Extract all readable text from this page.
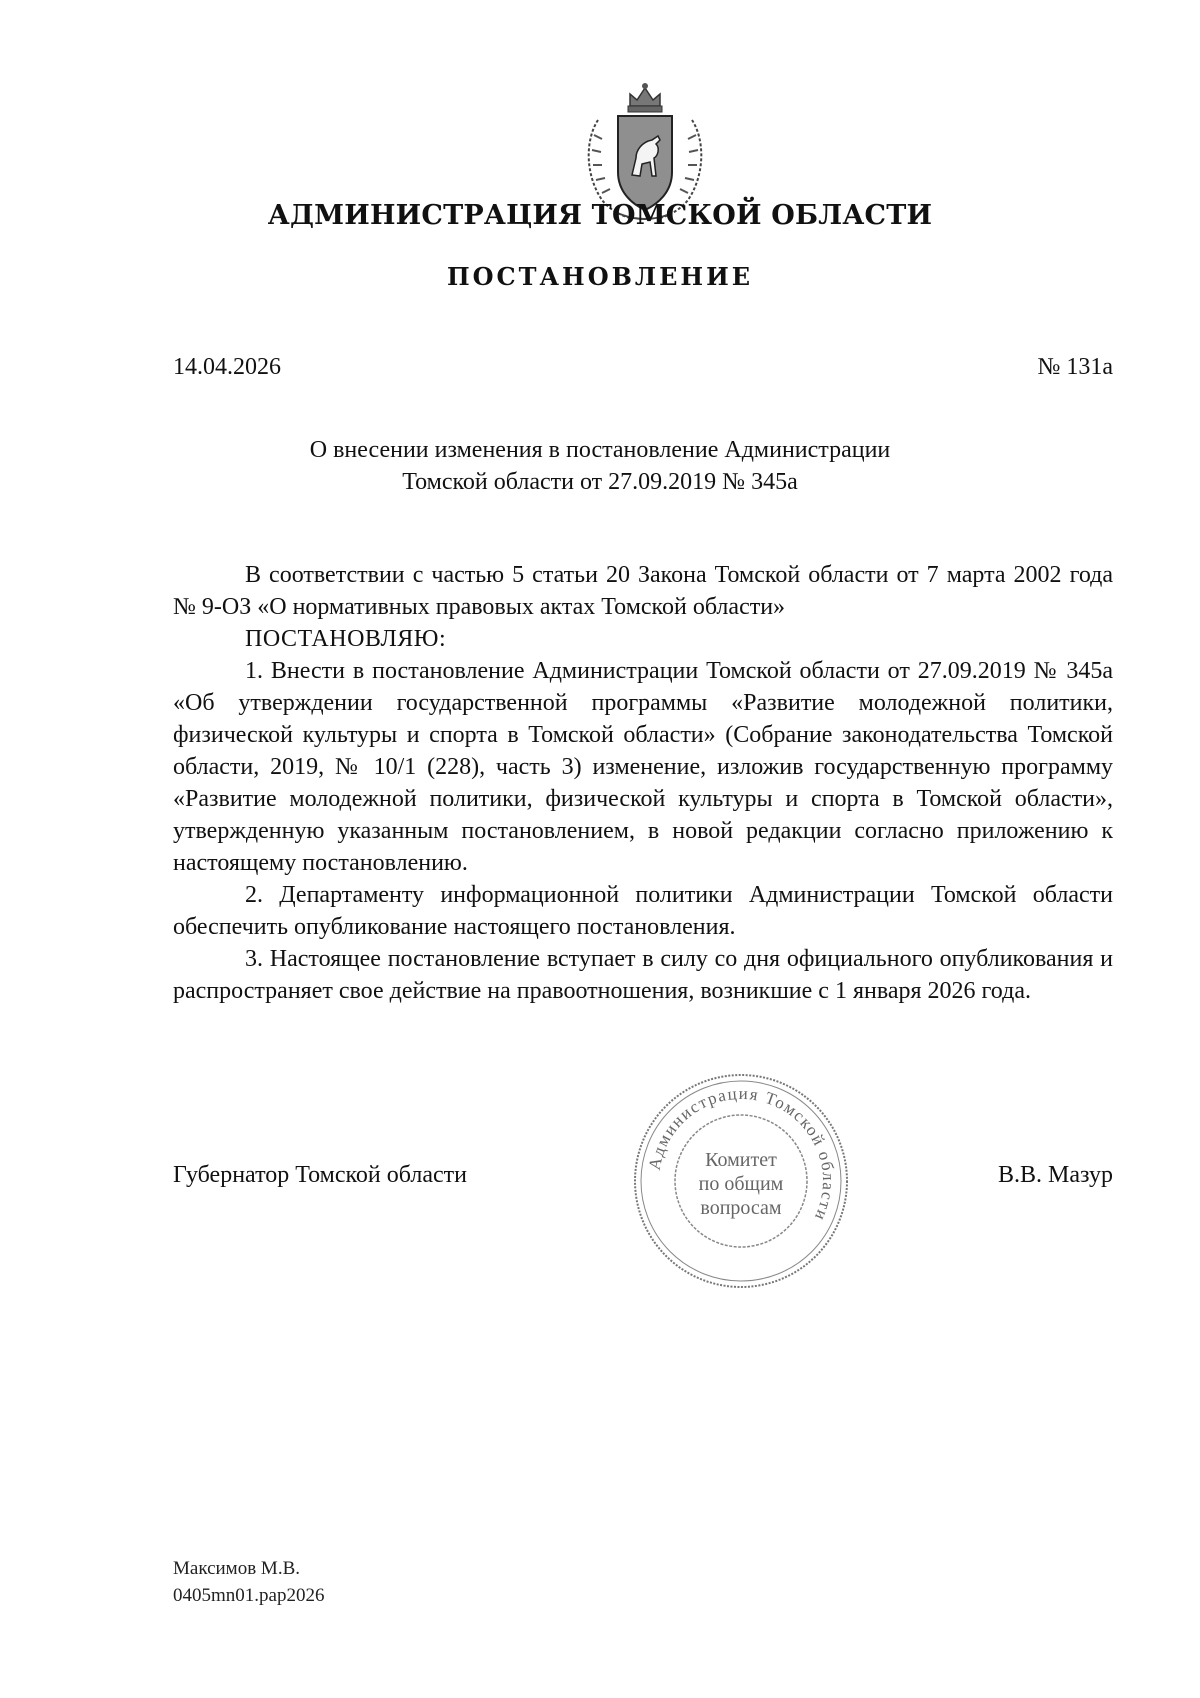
АДМИНИСТРАЦИЯ ТОМСКОЙ ОБЛАСТИ
ПОСТАНОВЛЕНИЕ
14.04.2026	№ 131а
О внесении изменения в постановление Администрации
Томской области от 27.09.2019 № 345а

В соответствии с частью 5 статьи 20 Закона Томской области от 7 марта 2002 года № 9-ОЗ «О нормативных правовых актах Томской области»

ПОСТАНОВЛЯЮ:

1. Внести в постановление Администрации Томской области от 27.09.2019 № 345а «Об утверждении государственной программы «Развитие молодежной политики, физической культуры и спорта в Томской области» (Собрание законодательства Томской области, 2019, № 10/1 (228), часть 3) изменение, изложив государственную программу «Развитие молодежной политики, физической культуры и спорта в Томской области», утвержденную указанным постановлением, в новой редакции согласно приложению к настоящему постановлению.

2. Департаменту информационной политики Администрации Томской области обеспечить опубликование настоящего постановления.

3. Настоящее постановление вступает в силу со дня официального опубликования и распространяет свое действие на правоотношения, возникшие с 1 января 2026 года.

Администрация Томской области
Комитет
по общим
вопросам
Губернатор Томской области	В.В. Мазур
Максимов М.В.
0405mn01.pap2026
